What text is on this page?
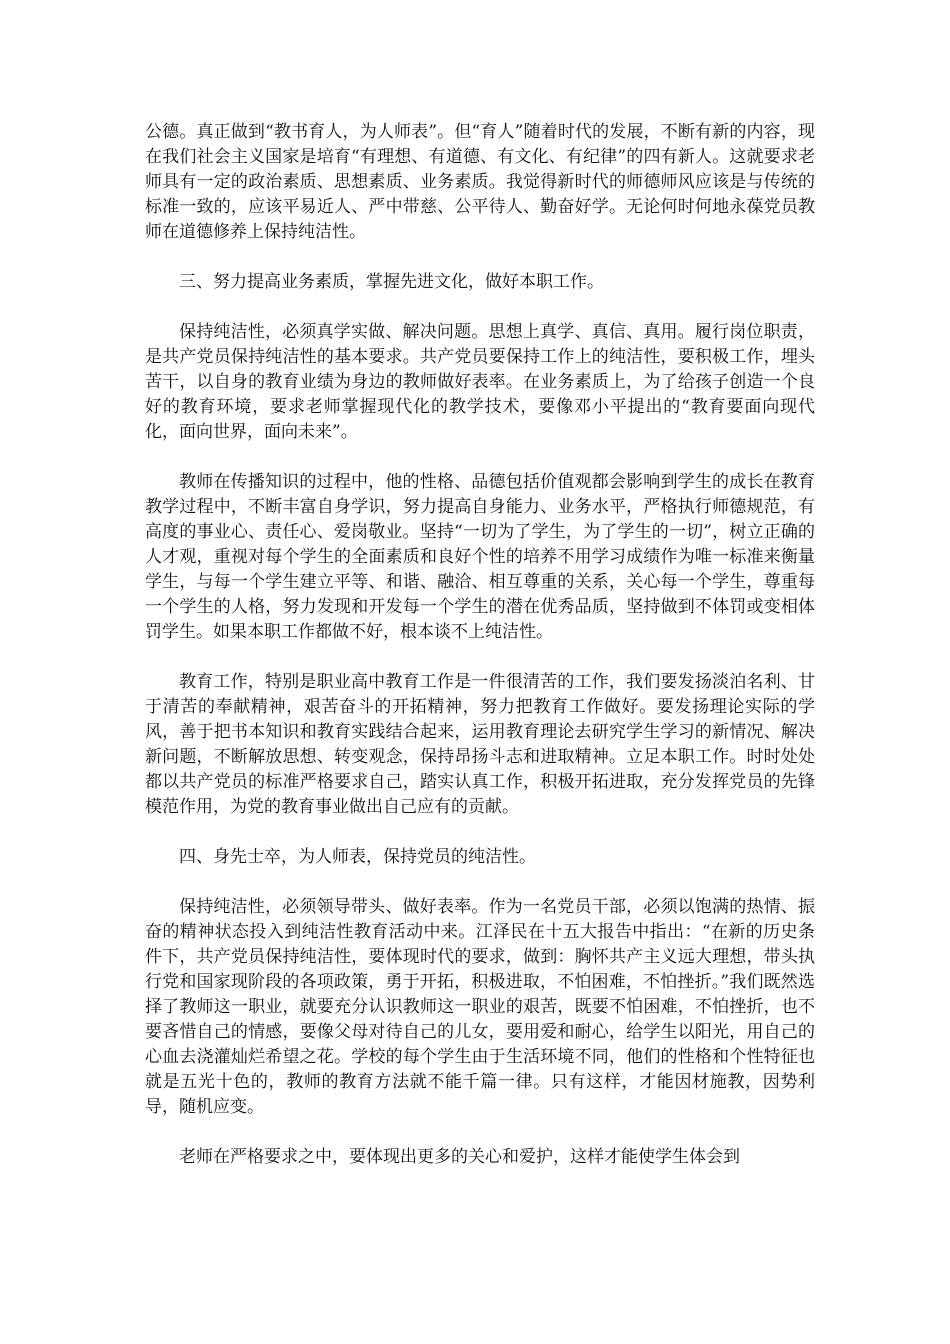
公德。真正做到“教书育人，为人师表”。但“育人”随着时代的发展，不断有新的内容，现在我们社会主义国家是培育“有理想、有道德、有文化、有纪律”的四有新人。这就要求老师具有一定的政治素质、思想素质、业务素质。我觉得新时代的师德师风应该是与传统的标准一致的，应该平易近人、严中带慈、公平待人、勤奋好学。无论何时何地永葆党员教师在道德修养上保持纯洁性。

三、努力提高业务素质，掌握先进文化，做好本职工作。

保持纯洁性，必须真学实做、解决问题。思想上真学、真信、真用。履行岗位职责，是共产党员保持纯洁性的基本要求。共产党员要保持工作上的纯洁性，要积极工作，埋头苦干，以自身的教育业绩为身边的教师做好表率。在业务素质上，为了给孩子创造一个良好的教育环境，要求老师掌握现代化的教学技术，要像邓小平提出的“教育要面向现代化，面向世界，面向未来”。

教师在传播知识的过程中，他的性格、品德包括价值观都会影响到学生的成长在教育教学过程中，不断丰富自身学识，努力提高自身能力、业务水平，严格执行师德规范，有高度的事业心、责任心、爱岗敬业。坚持“一切为了学生，为了学生的一切”，树立正确的人才观，重视对每个学生的全面素质和良好个性的培养不用学习成绩作为唯一标准来衡量学生，与每一个学生建立平等、和谐、融洽、相互尊重的关系，关心每一个学生，尊重每一个学生的人格，努力发现和开发每一个学生的潜在优秀品质，坚持做到不体罚或变相体罚学生。如果本职工作都做不好，根本谈不上纯洁性。

教育工作，特别是职业高中教育工作是一件很清苦的工作，我们要发扬淡泊名利、甘于清苦的奉献精神，艰苦奋斗的开拓精神，努力把教育工作做好。要发扬理论实际的学风，善于把书本知识和教育实践结合起来，运用教育理论去研究学生学习的新情况、解决新问题，不断解放思想、转变观念，保持昂扬斗志和进取精神。立足本职工作。时时处处都以共产党员的标准严格要求自己，踏实认真工作，积极开拓进取，充分发挥党员的先锋模范作用，为党的教育事业做出自己应有的贡献。

四、身先士卒，为人师表，保持党员的纯洁性。

保持纯洁性，必须领导带头、做好表率。作为一名党员干部，必须以饱满的热情、振奋的精神状态投入到纯洁性教育活动中来。江泽民在十五大报告中指出：“在新的历史条件下，共产党员保持纯洁性，要体现时代的要求，做到：胸怀共产主义远大理想，带头执行党和国家现阶段的各项政策，勇于开拓，积极进取，不怕困难，不怕挫折。”我们既然选择了教师这一职业，就要充分认识教师这一职业的艰苦，既要不怕困难，不怕挫折，也不要吝惜自己的情感，要像父母对待自己的儿女，要用爱和耐心，给学生以阳光，用自己的心血去浇灌灿烂希望之花。学校的每个学生由于生活环境不同，他们的性格和个性特征也就是五光十色的，教师的教育方法就不能千篇一律。只有这样，才能因材施教，因势利导，随机应变。

老师在严格要求之中，要体现出更多的关心和爱护，这样才能使学生体会到
